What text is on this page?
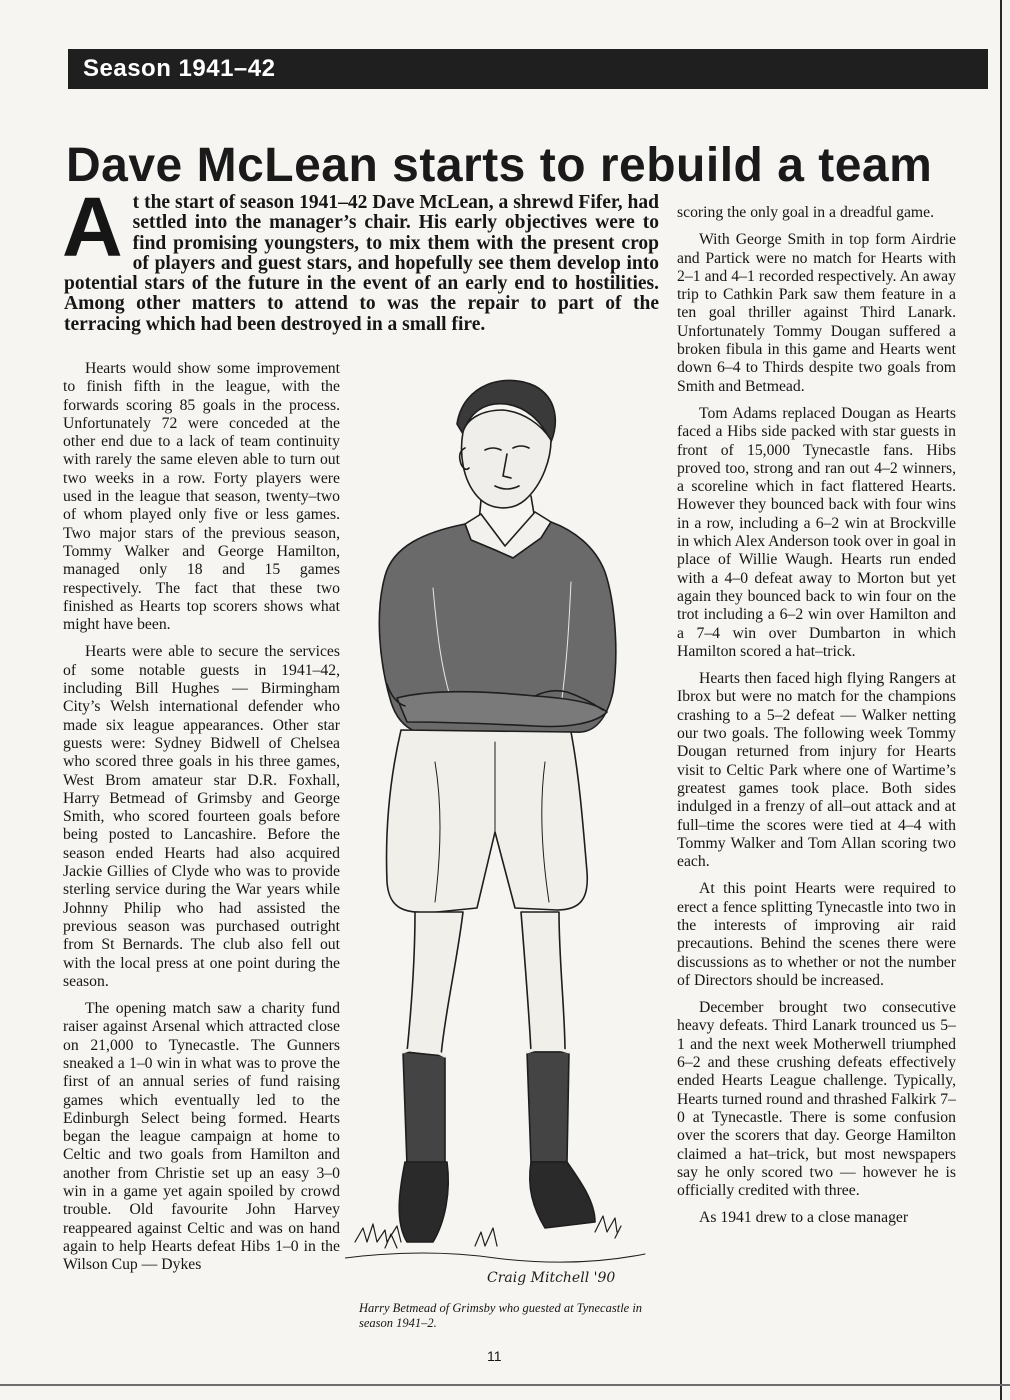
Season 1941–42
Dave McLean starts to rebuild a team

At the start of season 1941–42 Dave McLean, a shrewd Fifer, had settled into the manager’s chair. His early objectives were to find promising youngsters, to mix them with the present crop of players and guest stars, and hopefully see them develop into potential stars of the future in the event of an early end to hostilities. Among other matters to attend to was the repair to part of the terracing which had been destroyed in a small fire.

Hearts would show some improvement to finish fifth in the league, with the forwards scoring 85 goals in the process. Unfortunately 72 were conceded at the other end due to a lack of team continuity with rarely the same eleven able to turn out two weeks in a row. Forty players were used in the league that season, twenty–two of whom played only five or less games. Two major stars of the previous season, Tommy Walker and George Hamilton, managed only 18 and 15 games respectively. The fact that these two finished as Hearts top scorers shows what might have been.

Hearts were able to secure the services of some notable guests in 1941–42, including Bill Hughes — Birmingham City’s Welsh international defender who made six league appearances. Other star guests were: Sydney Bidwell of Chelsea who scored three goals in his three games, West Brom amateur star D.R. Foxhall, Harry Betmead of Grimsby and George Smith, who scored fourteen goals before being posted to Lancashire. Before the season ended Hearts had also acquired Jackie Gillies of Clyde who was to provide sterling service during the War years while Johnny Philip who had assisted the previous season was purchased outright from St Bernards. The club also fell out with the local press at one point during the season.

The opening match saw a charity fund raiser against Arsenal which attracted close on 21,000 to Tynecastle. The Gunners sneaked a 1–0 win in what was to prove the first of an annual series of fund raising games which eventually led to the Edinburgh Select being formed. Hearts began the league campaign at home to Celtic and two goals from Hamilton and another from Christie set up an easy 3–0 win in a game yet again spoiled by crowd trouble. Old favourite John Harvey reappeared against Celtic and was on hand again to help Hearts defeat Hibs 1–0 in the Wilson Cup — Dykes

scoring the only goal in a dreadful game.

With George Smith in top form Airdrie and Partick were no match for Hearts with 2–1 and 4–1 recorded respectively. An away trip to Cathkin Park saw them feature in a ten goal thriller against Third Lanark. Unfortunately Tommy Dougan suffered a broken fibula in this game and Hearts went down 6–4 to Thirds despite two goals from Smith and Betmead.

Tom Adams replaced Dougan as Hearts faced a Hibs side packed with star guests in front of 15,000 Tynecastle fans. Hibs proved too, strong and ran out 4–2 winners, a scoreline which in fact flattered Hearts. However they bounced back with four wins in a row, including a 6–2 win at Brockville in which Alex Anderson took over in goal in place of Willie Waugh. Hearts run ended with a 4–0 defeat away to Morton but yet again they bounced back to win four on the trot including a 6–2 win over Hamilton and a 7–4 win over Dumbarton in which Hamilton scored a hat–trick.

Hearts then faced high flying Rangers at Ibrox but were no match for the champions crashing to a 5–2 defeat — Walker netting our two goals. The following week Tommy Dougan returned from injury for Hearts visit to Celtic Park where one of Wartime’s greatest games took place. Both sides indulged in a frenzy of all–out attack and at full–time the scores were tied at 4–4 with Tommy Walker and Tom Allan scoring two each.

At this point Hearts were required to erect a fence splitting Tynecastle into two in the interests of improving air raid precautions. Behind the scenes there were discussions as to whether or not the number of Directors should be increased.

December brought two consecutive heavy defeats. Third Lanark trounced us 5–1 and the next week Motherwell triumphed 6–2 and these crushing defeats effectively ended Hearts League challenge. Typically, Hearts turned round and thrashed Falkirk 7–0 at Tynecastle. There is some confusion over the scorers that day. George Hamilton claimed a hat–trick, but most newspapers say he only scored two — however he is officially credited with three.

As 1941 drew to a close manager

Craig Mitchell '90

Harry Betmead of Grimsby who guested at Tynecastle in season 1941–2.

11
